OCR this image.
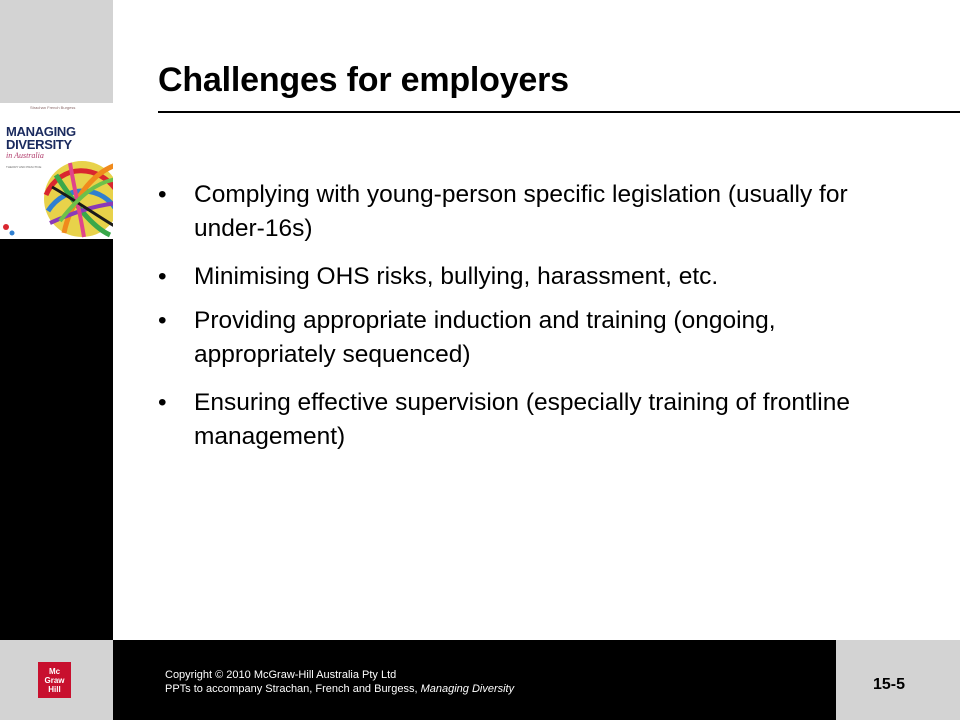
Strachan French Burgess
MANAGING
DIVERSITY
in Australia
THEORY AND PRACTICE
Challenges for employers
• Complying with young-person specific legislation (usually for under-16s)
• Minimising OHS risks, bullying, harassment, etc.
• Providing appropriate induction and training (ongoing, appropriately sequenced)
• Ensuring effective supervision (especially training of frontline management)
Mc
Graw
Hill
Copyright © 2010 McGraw-Hill Australia Pty Ltd
PPTs to accompany Strachan, French and Burgess, Managing Diversity	15-5
